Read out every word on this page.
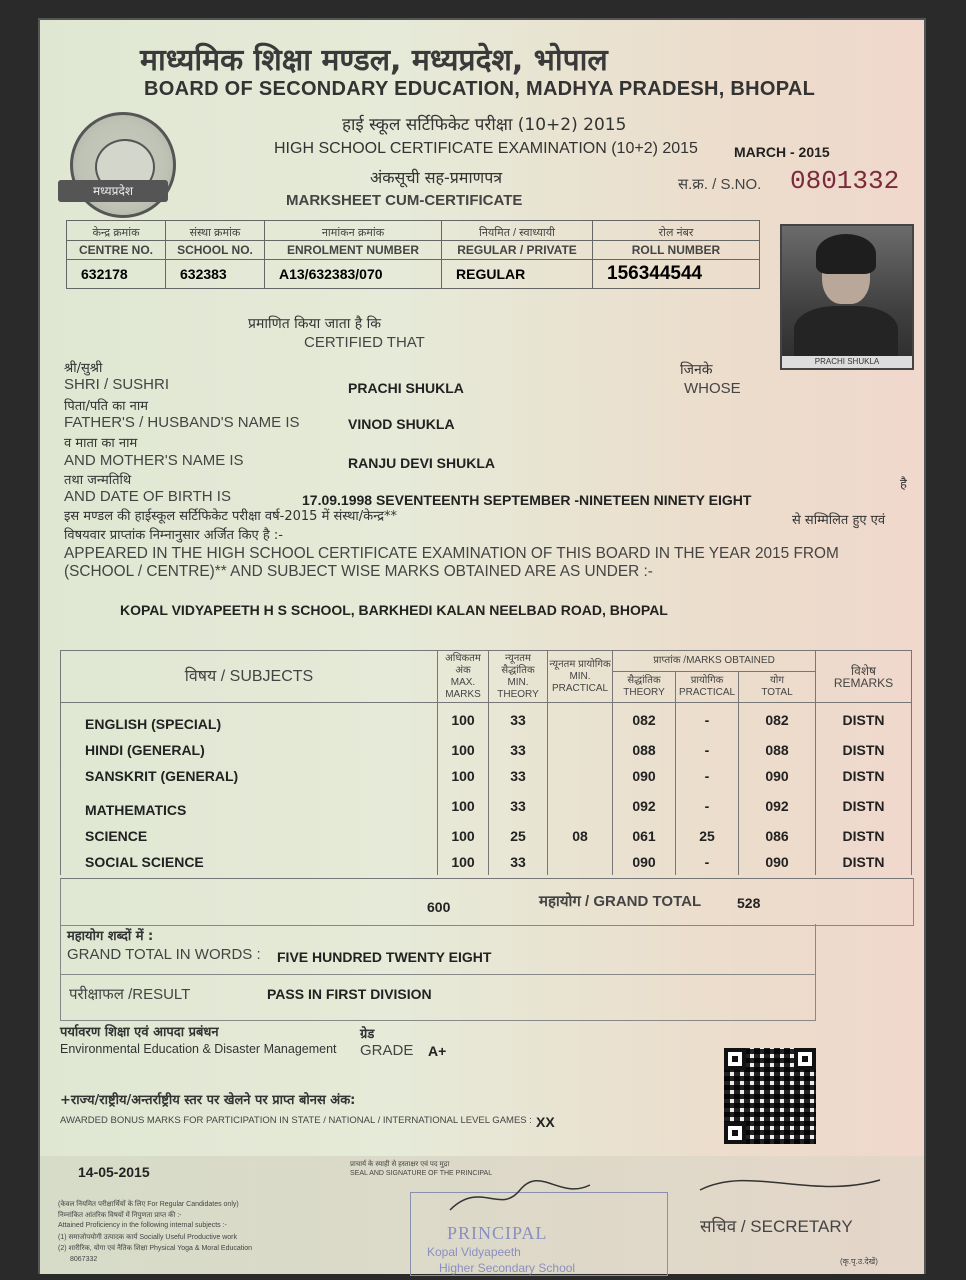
माध्यमिक शिक्षा मण्डल, मध्यप्रदेश, भोपाल
BOARD OF SECONDARY EDUCATION, MADHYA PRADESH, BHOPAL
हाई स्कूल सर्टिफिकेट परीक्षा (10+2) 2015
HIGH SCHOOL CERTIFICATE EXAMINATION (10+2) 2015	MARCH - 2015
अंकसूची सह-प्रमाणपत्र
MARKSHEET CUM-CERTIFICATE
स.क्र. / S.NO. 0801332
मध्यप्रदेश
केन्द्र क्रमांक	संस्था क्रमांक	नामांकन क्रमांक	नियमित / स्वाध्यायी	रोल नंबर
CENTRE NO.	SCHOOL NO.	ENROLMENT NUMBER	REGULAR / PRIVATE	ROLL NUMBER
632178	632383	A13/632383/070	REGULAR	156344544
PRACHI SHUKLA
प्रमाणित किया जाता है कि
CERTIFIED THAT
श्री/सुश्री
SHRI / SUSHRI	PRACHI SHUKLA
जिनके
WHOSE
पिता/पति का नाम
FATHER'S / HUSBAND'S NAME IS	VINOD SHUKLA
व माता का नाम
AND MOTHER'S NAME IS	RANJU DEVI SHUKLA
तथा जन्मतिथि
AND DATE OF BIRTH IS	17.09.1998 SEVENTEENTH SEPTEMBER -NINETEEN NINETY EIGHT
है
इस मण्डल की हाईस्कूल सर्टिफिकेट परीक्षा वर्ष-2015 में संस्था/केन्द्र**	से सम्मिलित हुए एवं
विषयवार प्राप्तांक निम्नानुसार अर्जित किए है :-
APPEARED IN THE HIGH SCHOOL CERTIFICATE EXAMINATION OF THIS BOARD IN THE YEAR 2015 FROM
(SCHOOL / CENTRE)** AND SUBJECT WISE MARKS OBTAINED ARE AS UNDER :-
KOPAL VIDYAPEETH H S SCHOOL, BARKHEDI KALAN NEELBAD ROAD, BHOPAL
विषय / SUBJECTS	अधिकतम अंक
MAX. MARKS	न्यूनतम सैद्धांतिक
MIN. THEORY	न्यूनतम प्रायोगिक
MIN. PRACTICAL	प्राप्तांक /MARKS OBTAINED			विशेष
REMARKS
				सैद्धांतिक
THEORY	प्रायोगिक
PRACTICAL	योग
TOTAL	
ENGLISH (SPECIAL)	100	33		082	-	082	DISTN
HINDI (GENERAL)	100	33		088	-	088	DISTN
SANSKRIT (GENERAL)	100	33		090	-	090	DISTN
MATHEMATICS	100	33		092	-	092	DISTN
SCIENCE	100	25	08	061	25	086	DISTN
SOCIAL SCIENCE	100	33		090	-	090	DISTN
600	महायोग / GRAND TOTAL	528
महायोग शब्दों में :
GRAND TOTAL IN WORDS : FIVE HUNDRED TWENTY EIGHT
परीक्षाफल /RESULT	PASS IN FIRST DIVISION
पर्यावरण शिक्षा एवं आपदा प्रबंधन
Environmental Education & Disaster Management
ग्रेड
GRADE A+
+राज्य/राष्ट्रीय/अन्तर्राष्ट्रीय स्तर पर खेलने पर प्राप्त बोनस अंक:
AWARDED BONUS MARKS FOR PARTICIPATION IN STATE / NATIONAL / INTERNATIONAL LEVEL GAMES : XX
14-05-2015	प्राचार्य के स्याही से हस्ताक्षर एवं पद मुद्रा
SEAL AND SIGNATURE OF THE PRINCIPAL
PRINCIPAL
Kopal Vidyapeeth
Higher Secondary School
सचिव / SECRETARY
(कृ.पृ.उ.देखें)
(केवल नियमित परीक्षार्थियों के लिए For Regular Candidates only)
निम्नांकित आंतरिक विषयों में निपुणता प्राप्त की :-
Attained Proficiency in the following internal subjects :-
(1) समाजोपयोगी उत्पादक कार्य Socially Useful Productive work
(2) शारीरिक, योगा एवं नैतिक शिक्षा Physical Yoga & Moral Education
8067332
